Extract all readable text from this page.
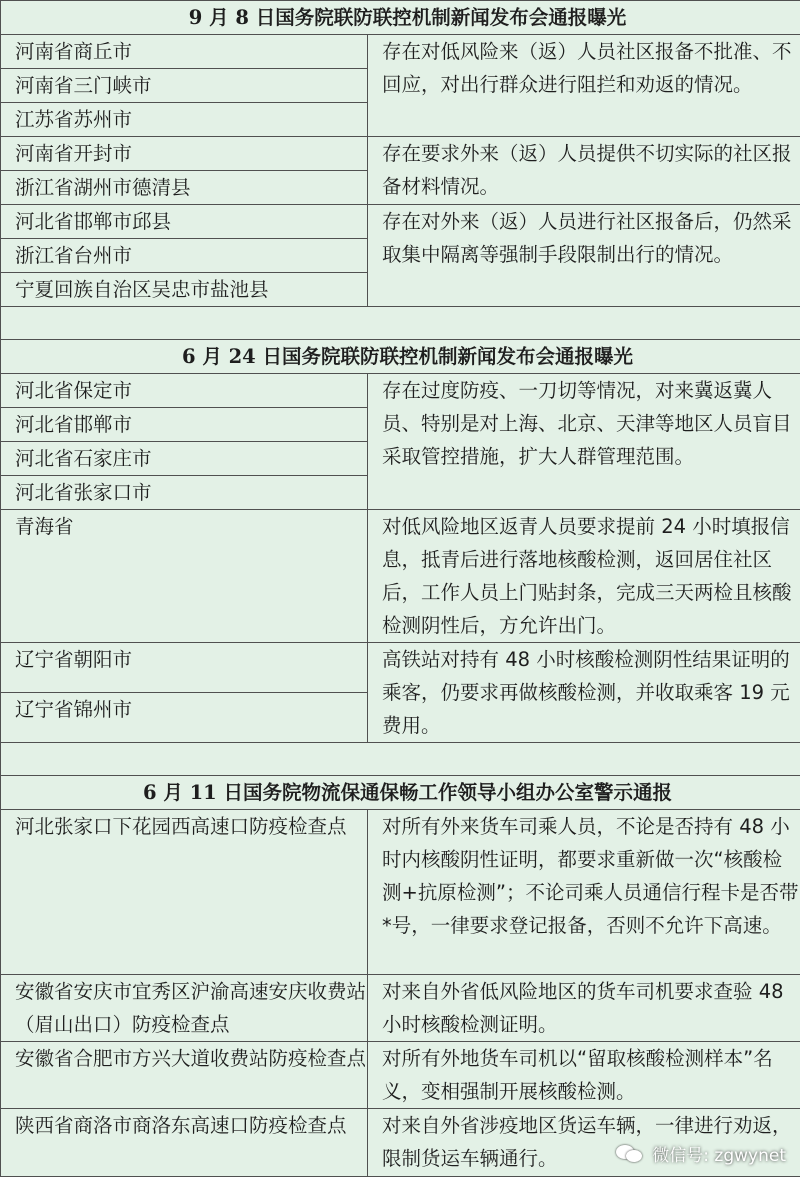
9 月 8 日国务院联防联控机制新闻发布会通报曝光	
河南省商丘市	存在对低风险来（返）人员社区报备不批准、不回应，对出行群众进行阻拦和劝返的情况。
河南省三门峡市	
江苏省苏州市	
河南省开封市	存在要求外来（返）人员提供不切实际的社区报备材料情况。
浙江省湖州市德清县	
河北省邯郸市邱县	存在对外来（返）人员进行社区报备后，仍然采取集中隔离等强制手段限制出行的情况。
浙江省台州市	
宁夏回族自治区吴忠市盐池县	

6 月 24 日国务院联防联控机制新闻发布会通报曝光	
河北省保定市	存在过度防疫、一刀切等情况，对来冀返冀人员、特别是对上海、北京、天津等地区人员盲目采取管控措施，扩大人群管理范围。
河北省邯郸市	
河北省石家庄市	
河北省张家口市	
青海省	对低风险地区返青人员要求提前 24 小时填报信息，抵青后进行落地核酸检测，返回居住社区后，工作人员上门贴封条，完成三天两检且核酸检测阴性后，方允许出门。
辽宁省朝阳市	高铁站对持有 48 小时核酸检测阴性结果证明的乘客，仍要求再做核酸检测，并收取乘客 19 元费用。
辽宁省锦州市	

6 月 11 日国务院物流保通保畅工作领导小组办公室警示通报	
河北张家口下花园西高速口防疫检查点	对所有外来货车司乘人员，不论是否持有 48 小时内核酸阴性证明，都要求重新做一次“核酸检测+抗原检测”；不论司乘人员通信行程卡是否带*号，一律要求登记报备，否则不允许下高速。
安徽省安庆市宜秀区沪渝高速安庆收费站（眉山出口）防疫检查点	对来自外省低风险地区的货车司机要求查验 48 小时核酸检测证明。
安徽省合肥市方兴大道收费站防疫检查点	对所有外地货车司机以“留取核酸检测样本”名义，变相强制开展核酸检测。
陕西省商洛市商洛东高速口防疫检查点	对来自外省涉疫地区货运车辆，一律进行劝返，限制货运车辆通行。	微信号: zgwynet
